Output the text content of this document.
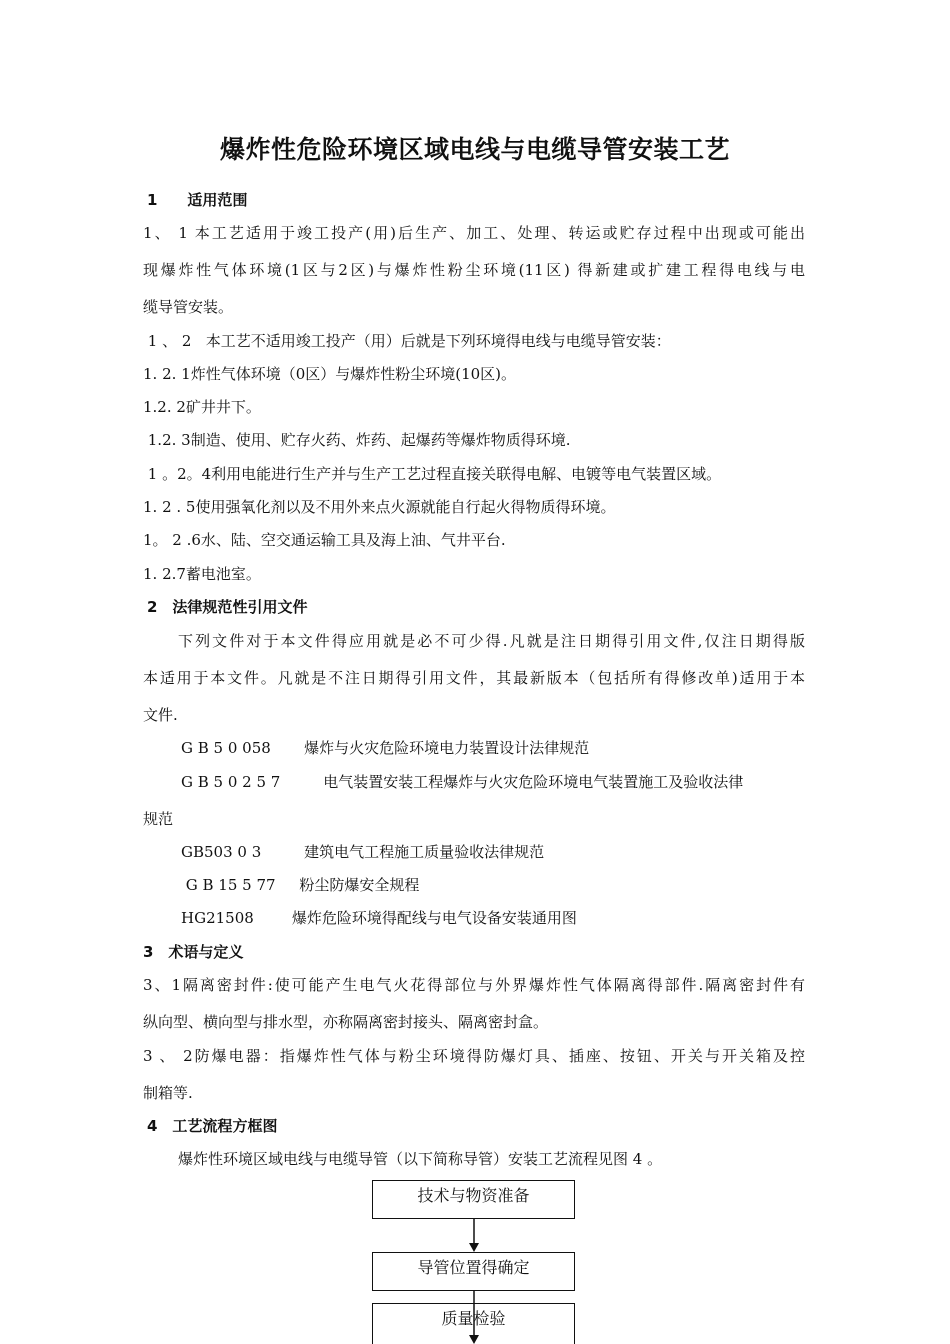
爆炸性危险环境区域电线与电缆导管安装工艺
1　　适用范围
1、 1 本工艺适用于竣工投产(用)后生产、加工、处理、转运或贮存过程中出现或可能出
现爆炸性气体环境(1区与2区)与爆炸性粉尘环境(11区) 得新建或扩建工程得电线与电
缆导管安装。
1 、 2   本工艺不适用竣工投产（用）后就是下列环境得电线与电缆导管安装：
1. 2. 1炸性气体环境（0区）与爆炸性粉尘环境(10区)。
1.2. 2矿井井下。
1.2. 3制造、使用、贮存火药、炸药、起爆药等爆炸物质得环境.
1 。2。4利用电能进行生产并与生产工艺过程直接关联得电解、电镀等电气装置区域。
1. 2 . 5使用强氧化剂以及不用外来点火源就能自行起火得物质得环境。
1。 2 .6水、陆、空交通运输工具及海上油、气井平台.
1. 2.7蓄电池室。
2　法律规范性引用文件
下列文件对于本文件得应用就是必不可少得.凡就是注日期得引用文件,仅注日期得版
本适用于本文件。凡就是不注日期得引用文件，其最新版本（包括所有得修改单)适用于本
文件.
G B 5 0 058       爆炸与火灾危险环境电力装置设计法律规范
G B 5 0 2 5 7         电气装置安装工程爆炸与火灾危险环境电气装置施工及验收法律
规范
GB503 0 3         建筑电气工程施工质量验收法律规范
G B 15 5 77     粉尘防爆安全规程
HG21508        爆炸危险环境得配线与电气设备安装通用图
3　术语与定义
3、1隔离密封件:使可能产生电气火花得部位与外界爆炸性气体隔离得部件.隔离密封件有
纵向型、横向型与排水型，亦称隔离密封接头、隔离密封盒。
3 、 2防爆电器：指爆炸性气体与粉尘环境得防爆灯具、插座、按钮、开关与开关箱及控
制箱等.
4　工艺流程方框图
爆炸性环境区域电线与电缆导管（以下简称导管）安装工艺流程见图 4 。
技术与物资准备
导管位置得确定
质量检验
